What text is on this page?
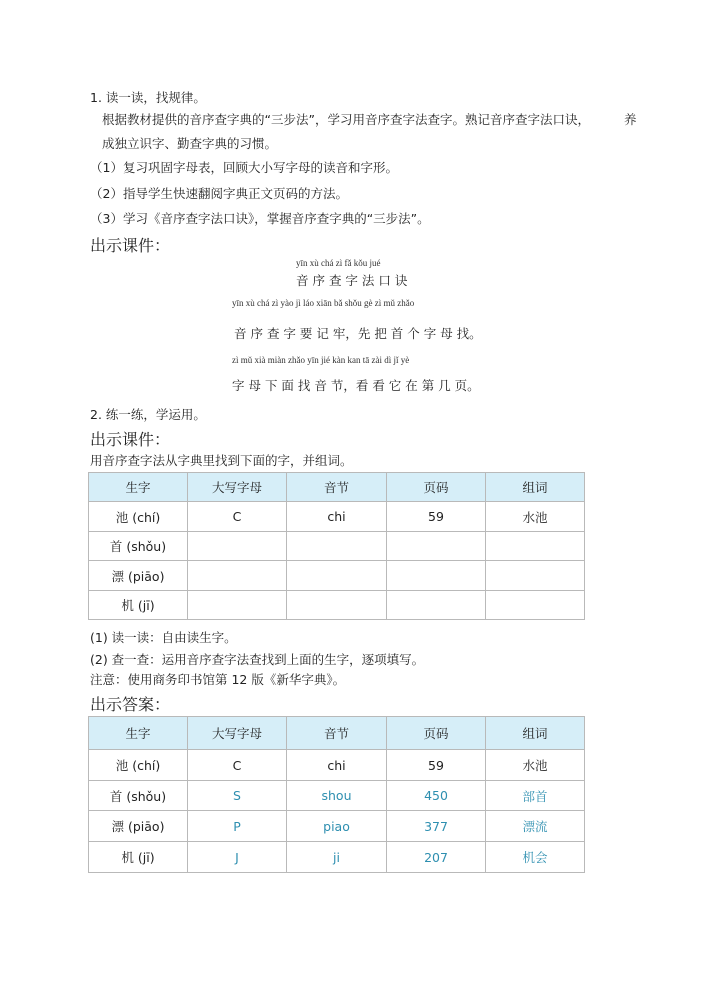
1. 读一读，找规律。
根据教材提供的音序查字典的“三步法”，学习用音序查字法查字。熟记音序查字法口诀，	养
成独立识字、勤查字典的习惯。
（1）复习巩固字母表，回顾大小写字母的读音和字形。
（2）指导学生快速翻阅字典正文页码的方法。
（3）学习《音序查字法口诀》，掌握音序查字典的“三步法”。
出示课件：
yīn xù chá zì fǎ kǒu jué
音 序 查 字 法 口 诀
yīn xù chá zì yào jì láo xiān bǎ shǒu gè zì mǔ zhǎo
音 序 查 字 要 记 牢，先 把 首 个 字 母 找。
zì mǔ xià miàn zhǎo yīn jié kàn kan tā zài dì jǐ yè
字 母 下 面 找 音 节，看 看 它 在 第 几 页。
2. 练一练，学运用。
出示课件：
用音序查字法从字典里找到下面的字，并组词。
生字	大写字母	音节	页码	组词
池 (chí)	C	chi	59	水池
首 (shǒu)				
漂 (piāo)				
机 (jī)				
(1) 读一读：自由读生字。
(2) 查一查：运用音序查字法查找到上面的生字，逐项填写。
注意：使用商务印书馆第 12 版《新华字典》。
出示答案：
生字	大写字母	音节	页码	组词
池 (chí)	C	chi	59	水池
首 (shǒu)	S	shou	450	部首
漂 (piāo)	P	piao	377	漂流
机 (jī)	J	ji	207	机会
